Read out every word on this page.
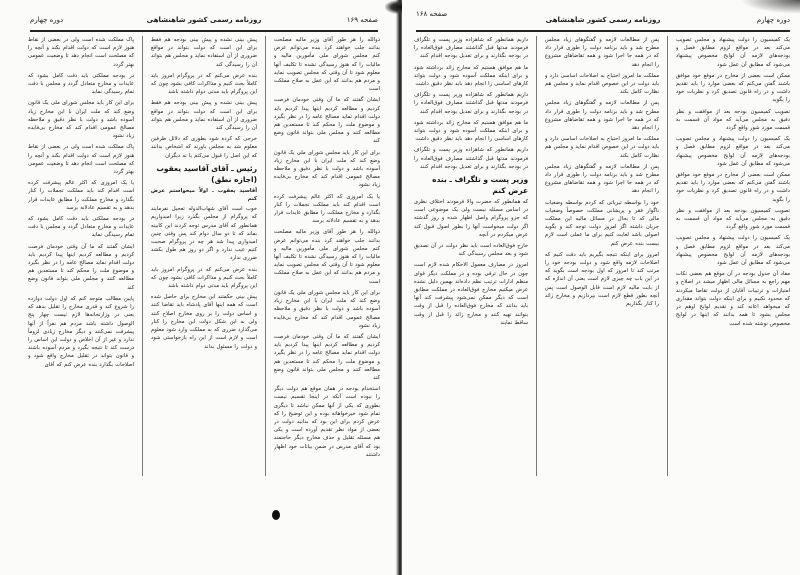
صفحه ۱۶۹
روزنامه رسمی کشور شاهنشاهی
دوره چهارم

ذوالله را هر طور آقای وزیر مالیه مصلحت بدانند جلب خواهند کرد بنده می‌توانم عرض کنم مجلس شورای ملی مأمورین مالیه و مالیات را که هنوز رسیدگی نشده تا تکلیف آنها معلوم شود تا آن وقتی که مجلس تصویب نماید و مردم هم بدانند که این عمل به صلاح مملکت است

ایشان گفتند که ما آن وقتی خودمان فرصت کردیم و مطالعه کردیم اینها پیدا کردیم باید دولت اقدام نماید مصالح عامه را در نظر بگیرد و موضوع ملت را محکم کند تا مستعدین هم مطالعه کنند و مجلس ملی بتواند قانون وضع کند

برای این کار باید مجلس شورای ملی یک قانون وضع کند که ملت ایران با این مخارج زیاد آسوده باشد و دولت با نظر دقیق و ملاحظه مصالح عمومی اقدام کند که مخارج بی‌فایده زیاد نشود

یا یک امروزی که اکثر عالم پیشرفت کرده است اقدام کند باید مملکت تجملات را کنار بگذارد و مخارج مملکت را مطابق عایدات قرار بدهد و به تقسیم عادلانه برسد

ذوالله را هر طور آقای وزیر مالیه مصلحت بدانند جلب خواهند کرد بنده می‌توانم عرض کنم مجلس شورای ملی مأمورین مالیه و مالیات را که هنوز رسیدگی نشده تا تکلیف آنها معلوم شود تا آن وقتی که مجلس تصویب نماید و مردم هم بدانند که این عمل به صلاح مملکت است

برای این کار باید مجلس شورای ملی یک قانون وضع کند که ملت ایران با این مخارج زیاد آسوده باشد و دولت با نظر دقیق و ملاحظه مصالح عمومی اقدام کند که مخارج بی‌فایده زیاد نشود

ایشان گفتند که ما آن وقتی خودمان فرصت کردیم و مطالعه کردیم اینها پیدا کردیم باید دولت اقدام نماید مصالح عامه را در نظر بگیرد و موضوع ملت را محکم کند تا مستعدین هم مطالعه کنند و مجلس ملی بتواند قانون وضع کند

استخدام بودجه در همان موقع هم دولت دیگر را نبوده است آنکه در اینجا تقسیم نیست بطوری که یکی از آنها ممکن نباشد تا دیگری تمام شود خیرخواهانه بوده و این توضیح را که عرض کردم برای این بود که بدانید دولت در بعضی از مواد نظر تقدیم آورده است و یکی هم مسئله تقلیل و حذف مخارج دیگر حاجتمند بود که آقای مدرس در ضمن بیانات خود اظهار داشتند

پیش بینی نشده و پیش بینی بودجه هم فقط برای این است که دولت بتواند در مواقع ضروری از آن استفاده نماید و مجلس هم بتواند آن را رسیدگی کند

بنده عرض می‌کنم که در پروگرام امروز باید کاملاً بحث کنیم و مذاکرات کافی بشود چون که این پروگرام باید مدتی دوام داشته باشد

پیش بینی نشده و پیش بینی بودجه هم فقط برای این است که دولت بتواند در مواقع ضروری از آن استفاده نماید و مجلس هم بتواند آن را رسیدگی کند

خرجی که کرده شود بطوری که دلائل طرفین معلوم شد به مجلس باورند که اشخاص بدانند که این اصل را قبول می‌کنم یا نه دیگران

رئیس ـ آقای آقاسید یعقوب (اجازه نطق)

آقاسید یعقوب ـ اولاً میخواستم عرض کنم

خوب است آقای شهاب‌الدوله تعجیل نفرمایند که پروگرام از مجلس بگذرد زیرا امیدواریم همانطور که آقای مدرس توجه کردند این کابینه بماند که تا دو سال دوام کند پس وقتی چنین امیدواری پیدا شد هر چه در پروگرام صحبت کنیم عیب ندارد و اگر دو روز هم طول بکشد ضرری ندارد

بنده عرض می‌کنم که در پروگرام امروز باید کاملاً بحث کنیم و مذاکرات کافی بشود چون که این پروگرام باید مدتی دوام داشته باشد

پیش بینی حکمتند این مخارج برای حاصل شده است که همه اینها آقای پادشاه باید تقاضا کنند و اساس دولت را بر روی مخارج اصلاح کنند ولی به این شکل دولت این مخارج را کنار می‌گذارد ضرری که به مملکت وارد شود معلوم است و لازم است از این راه بازخواستی شود و دولت را مسئول بداند

پاک مملکت شده است ولی در بعضی از نقاط هنوز لازم است که دولت اقدام بکند و آنچه را که مصلحت است انجام دهد تا وضعیت عمومی بهتر گردد

در بودجه مملکتی باید دقت کامل بشود که عایدات و مخارج متعادل گردد و مجلس با دقت تمام رسیدگی نماید

برای این کار باید مجلس شورای ملی یک قانون وضع کند که ملت ایران با این مخارج زیاد آسوده باشد و دولت با نظر دقیق و ملاحظه مصالح عمومی اقدام کند که مخارج بی‌فایده زیاد نشود

پاک مملکت شده است ولی در بعضی از نقاط هنوز لازم است که دولت اقدام بکند و آنچه را که مصلحت است انجام دهد تا وضعیت عمومی بهتر گردد

یا یک امروزی که اکثر عالم پیشرفت کرده است اقدام کند باید مملکت تجملات را کنار بگذارد و مخارج مملکت را مطابق عایدات قرار بدهد و به تقسیم عادلانه برسد

در بودجه مملکتی باید دقت کامل بشود که عایدات و مخارج متعادل گردد و مجلس با دقت تمام رسیدگی نماید

ایشان گفتند که ما آن وقتی خودمان فرصت کردیم و مطالعه کردیم اینها پیدا کردیم باید دولت اقدام نماید مصالح عامه را در نظر بگیرد و موضوع ملت را محکم کند تا مستعدین هم مطالعه کنند و مجلس ملی بتواند قانون وضع کند

پایین مطالب متوجه کنم که اول دولت دوازده را شروع کند و قدری مخارج را تقلیل بدهد که یعنی در وزارتخانه‌ها لازم نیست چهار پنج الوصول داشته باشد مردم هم نفراً از آنها پیشرفت نمی‌کنند و دیگر مخارج زیادی لزوماً ندارد و غیر از آن اخلاص و دولت این اساس را درست کند تا نتیجه بگیرد و مردم آسوده باشند و قانون بتواند در تقلیل مخارج واقع شود و اصلاحات بگذارد بنده عرض کنم که آقای

دوره چهارم
روزنامه رسمی کشور شاهنشاهی
صفحه ۱۶۸

یک کمیسیون را دولت پیشنهاد و مجلس تصویب می‌کند بعد در مواقع لزوم مطابق فصل و بودجه‌های لازمه آن لوایح مخصوص پیشنهاد می‌شود که مطابق آن عمل شود

ممکن است بعضی از مخارج در موقع خود موافق باشند گفتن می‌کنم که بعضی موارد را باید تقدیم داشت و در راه قانون تصدیق کرد و نظریات خود را بگوید

تصویب کمیسیون بودجه بعد از موافقت و نظر دقیق به مجلس می‌آید که مواد آن قسمت به قسمت مورد شور واقع گردد

یک کمیسیون را دولت پیشنهاد و مجلس تصویب می‌کند بعد در مواقع لزوم مطابق فصل و بودجه‌های لازمه آن لوایح مخصوص پیشنهاد می‌شود که مطابق آن عمل شود

ممکن است بعضی از مخارج در موقع خود موافق باشند گفتن می‌کنم که بعضی موارد را باید تقدیم داشت و در راه قانون تصدیق کرد و نظریات خود را بگوید

تصویب کمیسیون بودجه بعد از موافقت و نظر دقیق به مجلس می‌آید که مواد آن قسمت به قسمت مورد شور واقع گردد

یک کمیسیون را دولت پیشنهاد و مجلس تصویب می‌کند بعد در مواقع لزوم مطابق فصل و بودجه‌های لازمه آن لوایح مخصوص پیشنهاد می‌شود که مطابق آن عمل شود

مفاد آن جدول بودجه در آن موقع هم بعضی نکات مهم راجع به مسائل مالی اظهار میشد در اصلاح و امتیازات و ترتیبات آقایان از دولت تقاضا میکردند که محدود نکنیم و برای اینکه دولت بتواند مقداری که میخواهد اعانه کند و تقدیم لوایح اوهم در مجلس بشود تا همه بدانند که اینها در لوایح مخصوص نوشته شده است

پس از مطالعات لازمه و گفتگوهای زیاد مجلس مطرح شد و باید برنامه دولت را طوری قرار داد که در همه جا اجرا شود و همه تقاضاهای مشروع را انجام دهد

مملکت ما امروز احتیاج به اصلاحات اساسی دارد و باید دولت در این خصوص اقدام نماید و مجلس هم نظارت کامل بکند

پس از مطالعات لازمه و گفتگوهای زیاد مجلس مطرح شد و باید برنامه دولت را طوری قرار داد که در همه جا اجرا شود و همه تقاضاهای مشروع را انجام دهد

مملکت ما امروز احتیاج به اصلاحات اساسی دارد و باید دولت در این خصوص اقدام نماید و مجلس هم نظارت کامل بکند

پس از مطالعات لازمه و گفتگوهای زیاد مجلس مطرح شد و باید برنامه دولت را طوری قرار داد که در همه جا اجرا شود و همه تقاضاهای مشروع را انجام دهد

خود را بواسطه تیریاتی که کردم بواسطه وضعیات ناگوار فقر و پریشانی مملکت خصوصاً وضعیات مالی که تا بحال در مسائل مالیه این مملکت جریان داشته اگر امروز دولت توجه کند و بگوید اصولی باشد لغایت کنیم برای ما عملی است لازم نیست بنده عرض کنم

امروز برای اینکه نتیجه بگیریم باید دقت کنیم که اصلاحات لازمه واقع شود و دولت بودجه خود را مرتب کند تا امروز که اول بودجه است بگوید که در این باب چه چیزی لازم است یعنی آن اندازه که از بابت مالیه لازم است قابل الوصول است پس آنچه بطور قطع لازم است بپردازیم و مخارج زائد را کنار بگذاریم

داریم همانطور که شاهزاده وزیر پست و تلگراف فرمودند مدتها قبل گذاشتند مصارف فوق‌العاده را در بودجه بگذارند و برای تعدیل بودجه اقدام کنند

ما هم موافق هستیم که مخارج زائد برداشته شود و برای اینکه مملکت آسوده شود و دولت بتواند کارهای اساسی را انجام دهد باید نظر دقیق داشت

داریم همانطور که شاهزاده وزیر پست و تلگراف فرمودند مدتها قبل گذاشتند مصارف فوق‌العاده را در بودجه بگذارند و برای تعدیل بودجه اقدام کنند

ما هم موافق هستیم که مخارج زائد برداشته شود و برای اینکه مملکت آسوده شود و دولت بتواند کارهای اساسی را انجام دهد باید نظر دقیق داشت

داریم همانطور که شاهزاده وزیر پست و تلگراف فرمودند مدتها قبل گذاشتند مصارف فوق‌العاده را در بودجه بگذارند و برای تعدیل بودجه اقدام کنند

وزیر پست و تلگراف ـ بنده عرض کنم

که همانطور که حضرت والا فرمودند اختلاف نظری در اساس مسئله نیست ولی یک موضوعی است که جزو پروگرام واصل اظهار شده و روز گذشته اگر دولت میخواست آنها را بطور اصول قبول کند عرض میکردم در آنچه

خارج فوق‌العاده است باید نظر دولت در آن تصدیق شود و بعد مجلس رسیدگی کند

امروز در مصارف معمول الاحکام شده لازم است چون در حال ترقی بوده و در مملکت دیگر قوای منظم ادارات ترتیب نظم داده‌اند بهمین دلیل نشده عرض میکنیم مخارج فوق‌العاده در مملکت مطابق است که دیگر ممکن نمی‌شود پیشرفت کند آنها باید بدانند که مخارج فوق‌العاده را قبل از وقت بتوانند تهیه کنند و مخارج زائد را قبل از وقت ساقط نمایند
